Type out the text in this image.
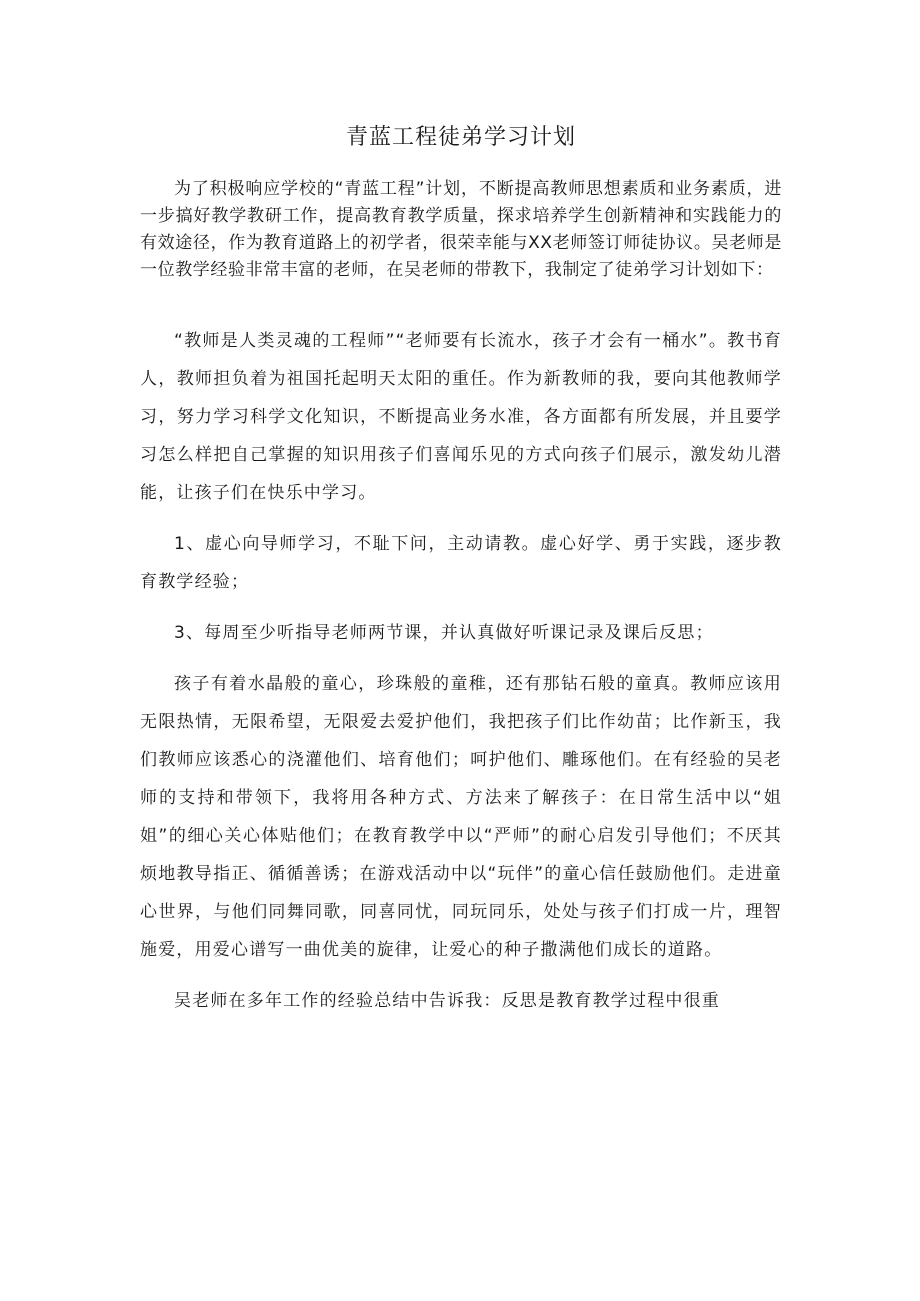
青蓝工程徒弟学习计划

为了积极响应学校的“青蓝工程”计划，不断提高教师思想素质和业务素质，进一步搞好教学教研工作，提高教育教学质量，探求培养学生创新精神和实践能力的有效途径，作为教育道路上的初学者，很荣幸能与XX老师签订师徒协议。吴老师是一位教学经验非常丰富的老师，在吴老师的带教下，我制定了徒弟学习计划如下：

“教师是人类灵魂的工程师”“老师要有长流水，孩子才会有一桶水”。教书育人，教师担负着为祖国托起明天太阳的重任。作为新教师的我，要向其他教师学习，努力学习科学文化知识，不断提高业务水准，各方面都有所发展，并且要学习怎么样把自己掌握的知识用孩子们喜闻乐见的方式向孩子们展示，激发幼儿潜能，让孩子们在快乐中学习。

1、虚心向导师学习，不耻下问，主动请教。虚心好学、勇于实践，逐步教育教学经验；

3、每周至少听指导老师两节课，并认真做好听课记录及课后反思；

孩子有着水晶般的童心，珍珠般的童稚，还有那钻石般的童真。教师应该用无限热情，无限希望，无限爱去爱护他们，我把孩子们比作幼苗；比作新玉，我们教师应该悉心的浇灌他们、培育他们；呵护他们、雕琢他们。在有经验的吴老师的支持和带领下，我将用各种方式、方法来了解孩子：在日常生活中以“姐姐”的细心关心体贴他们；在教育教学中以“严师”的耐心启发引导他们；不厌其烦地教导指正、循循善诱；在游戏活动中以“玩伴”的童心信任鼓励他们。走进童心世界，与他们同舞同歌，同喜同忧，同玩同乐，处处与孩子们打成一片，理智施爱，用爱心谱写一曲优美的旋律，让爱心的种子撒满他们成长的道路。

吴老师在多年工作的经验总结中告诉我：反思是教育教学过程中很重
